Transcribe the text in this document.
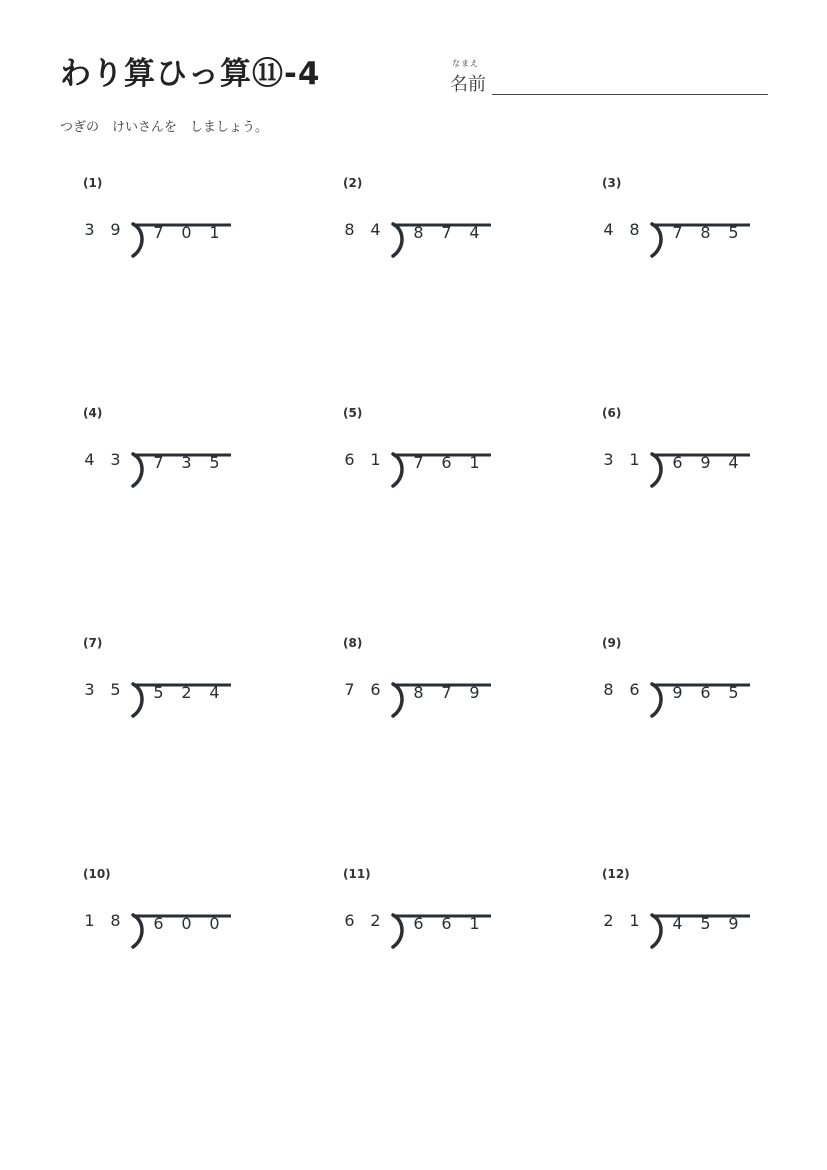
わり算ひっ算⑪-4	なまえ
名前
つぎの　けいさんを　しましょう。
(1)
3 9 7 0 1
(2)
8 4 8 7 4
(3)
4 8 7 8 5
(4)
4 3 7 3 5
(5)
6 1 7 6 1
(6)
3 1 6 9 4
(7)
3 5 5 2 4
(8)
7 6 8 7 9
(9)
8 6 9 6 5
(10)
1 8 6 0 0
(11)
6 2 6 6 1
(12)
2 1 4 5 9
